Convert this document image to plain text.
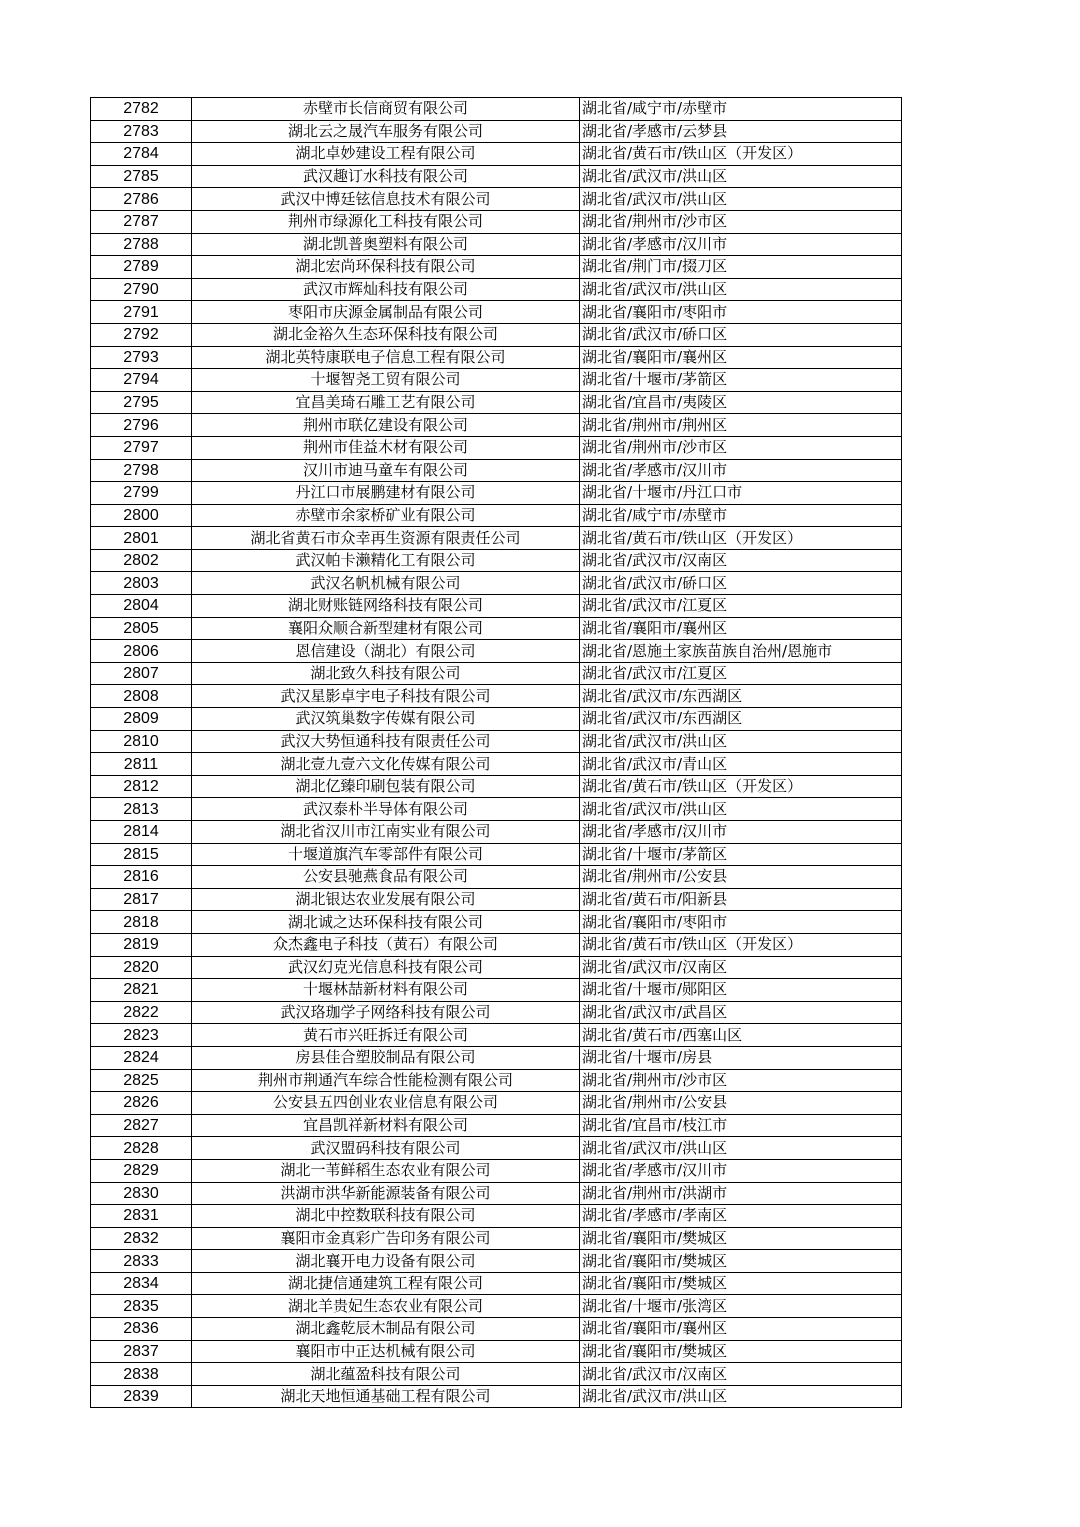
2782	赤壁市长信商贸有限公司	湖北省/咸宁市/赤壁市
2783	湖北云之晟汽车服务有限公司	湖北省/孝感市/云梦县
2784	湖北卓妙建设工程有限公司	湖北省/黄石市/铁山区（开发区）
2785	武汉趣订水科技有限公司	湖北省/武汉市/洪山区
2786	武汉中博廷铉信息技术有限公司	湖北省/武汉市/洪山区
2787	荆州市绿源化工科技有限公司	湖北省/荆州市/沙市区
2788	湖北凯普奥塑料有限公司	湖北省/孝感市/汉川市
2789	湖北宏尚环保科技有限公司	湖北省/荆门市/掇刀区
2790	武汉市辉灿科技有限公司	湖北省/武汉市/洪山区
2791	枣阳市庆源金属制品有限公司	湖北省/襄阳市/枣阳市
2792	湖北金裕久生态环保科技有限公司	湖北省/武汉市/硚口区
2793	湖北英特康联电子信息工程有限公司	湖北省/襄阳市/襄州区
2794	十堰智尧工贸有限公司	湖北省/十堰市/茅箭区
2795	宜昌美琦石雕工艺有限公司	湖北省/宜昌市/夷陵区
2796	荆州市联亿建设有限公司	湖北省/荆州市/荆州区
2797	荆州市佳益木材有限公司	湖北省/荆州市/沙市区
2798	汉川市迪马童车有限公司	湖北省/孝感市/汉川市
2799	丹江口市展鹏建材有限公司	湖北省/十堰市/丹江口市
2800	赤壁市余家桥矿业有限公司	湖北省/咸宁市/赤壁市
2801	湖北省黄石市众幸再生资源有限责任公司	湖北省/黄石市/铁山区（开发区）
2802	武汉帕卡濑精化工有限公司	湖北省/武汉市/汉南区
2803	武汉名帆机械有限公司	湖北省/武汉市/硚口区
2804	湖北财账链网络科技有限公司	湖北省/武汉市/江夏区
2805	襄阳众顺合新型建材有限公司	湖北省/襄阳市/襄州区
2806	恩信建设（湖北）有限公司	湖北省/恩施土家族苗族自治州/恩施市
2807	湖北致久科技有限公司	湖北省/武汉市/江夏区
2808	武汉星影卓宇电子科技有限公司	湖北省/武汉市/东西湖区
2809	武汉筑巢数字传媒有限公司	湖北省/武汉市/东西湖区
2810	武汉大势恒通科技有限责任公司	湖北省/武汉市/洪山区
2811	湖北壹九壹六文化传媒有限公司	湖北省/武汉市/青山区
2812	湖北亿臻印刷包装有限公司	湖北省/黄石市/铁山区（开发区）
2813	武汉泰朴半导体有限公司	湖北省/武汉市/洪山区
2814	湖北省汉川市江南实业有限公司	湖北省/孝感市/汉川市
2815	十堰道旗汽车零部件有限公司	湖北省/十堰市/茅箭区
2816	公安县驰燕食品有限公司	湖北省/荆州市/公安县
2817	湖北银达农业发展有限公司	湖北省/黄石市/阳新县
2818	湖北诚之达环保科技有限公司	湖北省/襄阳市/枣阳市
2819	众杰鑫电子科技（黄石）有限公司	湖北省/黄石市/铁山区（开发区）
2820	武汉幻克光信息科技有限公司	湖北省/武汉市/汉南区
2821	十堰林喆新材料有限公司	湖北省/十堰市/郧阳区
2822	武汉珞珈学子网络科技有限公司	湖北省/武汉市/武昌区
2823	黄石市兴旺拆迁有限公司	湖北省/黄石市/西塞山区
2824	房县佳合塑胶制品有限公司	湖北省/十堰市/房县
2825	荆州市荆通汽车综合性能检测有限公司	湖北省/荆州市/沙市区
2826	公安县五四创业农业信息有限公司	湖北省/荆州市/公安县
2827	宜昌凯祥新材料有限公司	湖北省/宜昌市/枝江市
2828	武汉盟码科技有限公司	湖北省/武汉市/洪山区
2829	湖北一苇鲜稻生态农业有限公司	湖北省/孝感市/汉川市
2830	洪湖市洪华新能源装备有限公司	湖北省/荆州市/洪湖市
2831	湖北中控数联科技有限公司	湖北省/孝感市/孝南区
2832	襄阳市金真彩广告印务有限公司	湖北省/襄阳市/樊城区
2833	湖北襄开电力设备有限公司	湖北省/襄阳市/樊城区
2834	湖北捷信通建筑工程有限公司	湖北省/襄阳市/樊城区
2835	湖北羊贵妃生态农业有限公司	湖北省/十堰市/张湾区
2836	湖北鑫乾辰木制品有限公司	湖北省/襄阳市/襄州区
2837	襄阳市中正达机械有限公司	湖北省/襄阳市/樊城区
2838	湖北蕴盈科技有限公司	湖北省/武汉市/汉南区
2839	湖北天地恒通基础工程有限公司	湖北省/武汉市/洪山区
